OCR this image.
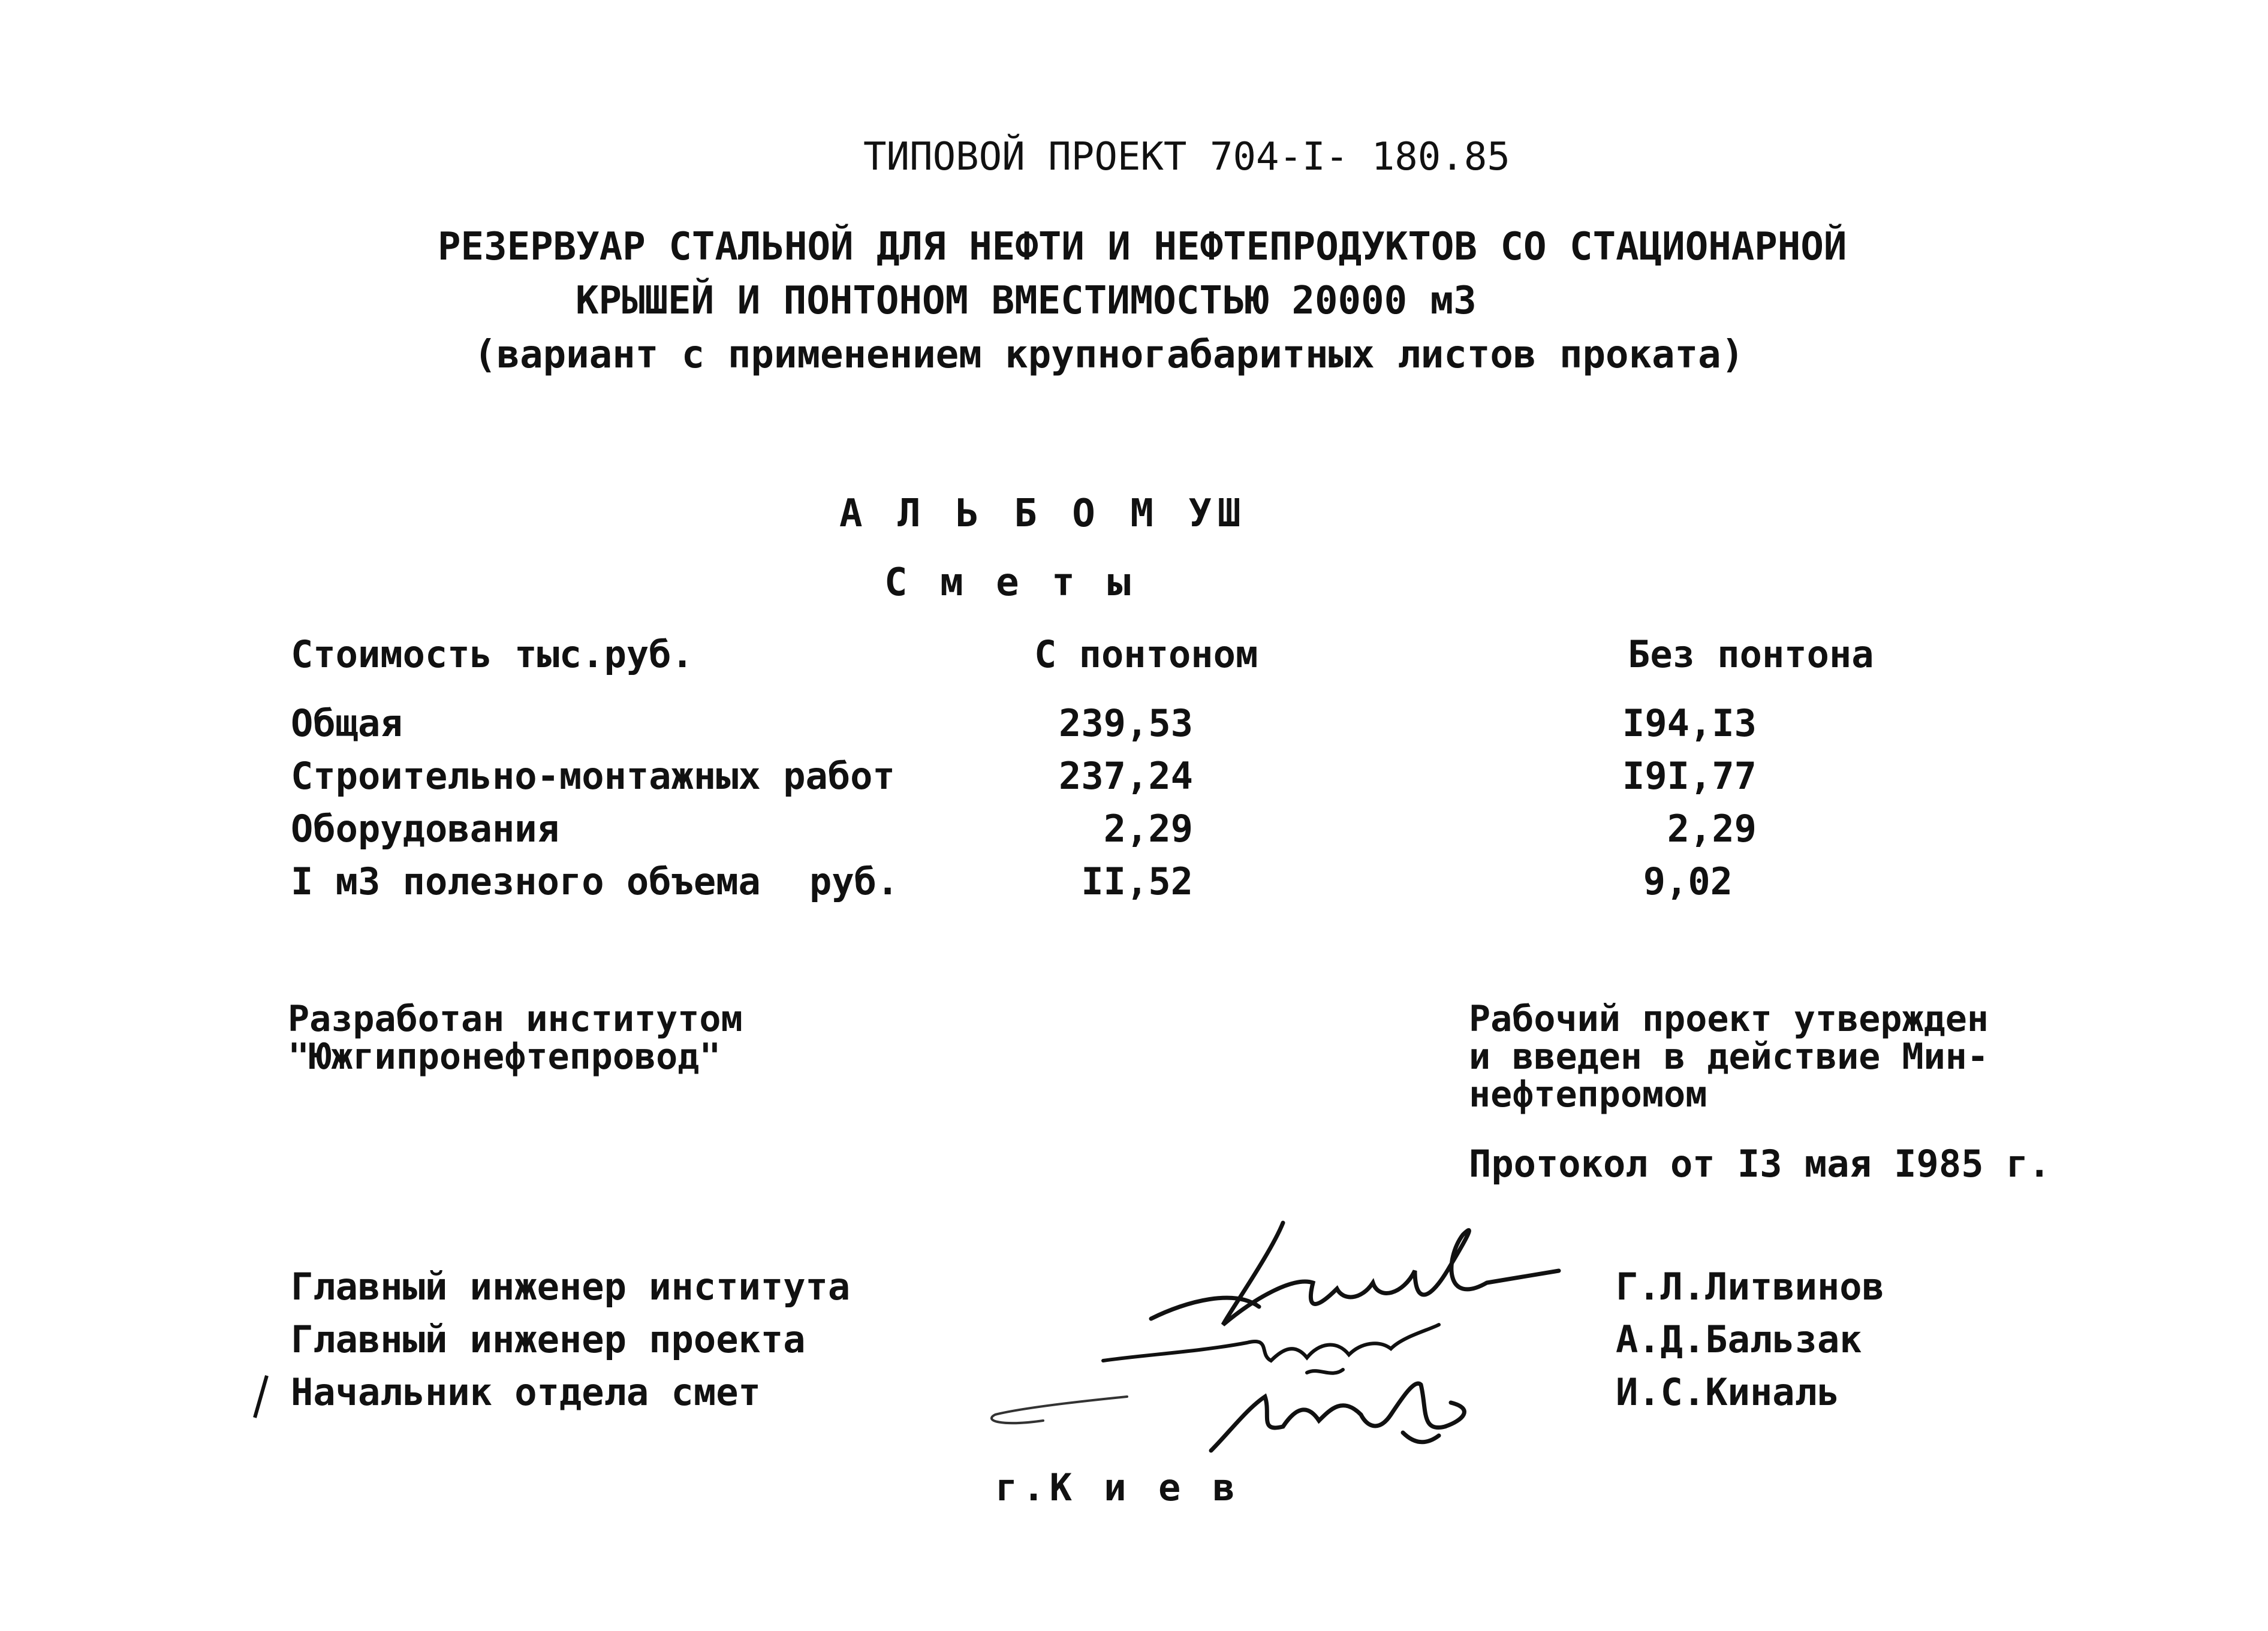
ТИПОВОЙ ПРОЕКТ 704-I- 180.85
РЕЗЕРВУАР СТАЛЬНОЙ ДЛЯ НЕФТИ И НЕФТЕПРОДУКТОВ СО СТАЦИОНАРНОЙ
КРЫШЕЙ И ПОНТОНОМ ВМЕСТИМОСТЬЮ 20000 м3
(вариант с применением крупногабаритных листов проката)
А Л Ь Б О М УШ
С м е т ы
Стоимость тыс.руб.	С понтоном	Без понтона
Общая	239,53	I94,I3
Строительно-монтажных работ	237,24	I9I,77
Оборудования	2,29	2,29
I м3 полезного объема руб.	II,52	9,02
Разработан институтом
"Южгипронефтепровод"
Рабочий проект утвержден
и введен в действие Мин-
нефтепромом
Протокол от I3 мая I985 г.
Главный инженер института	Г.Л.Литвинов
Главный инженер проекта	А.Д.Бальзак
Начальник отдела смет	И.С.Киналь
г.К и е в
